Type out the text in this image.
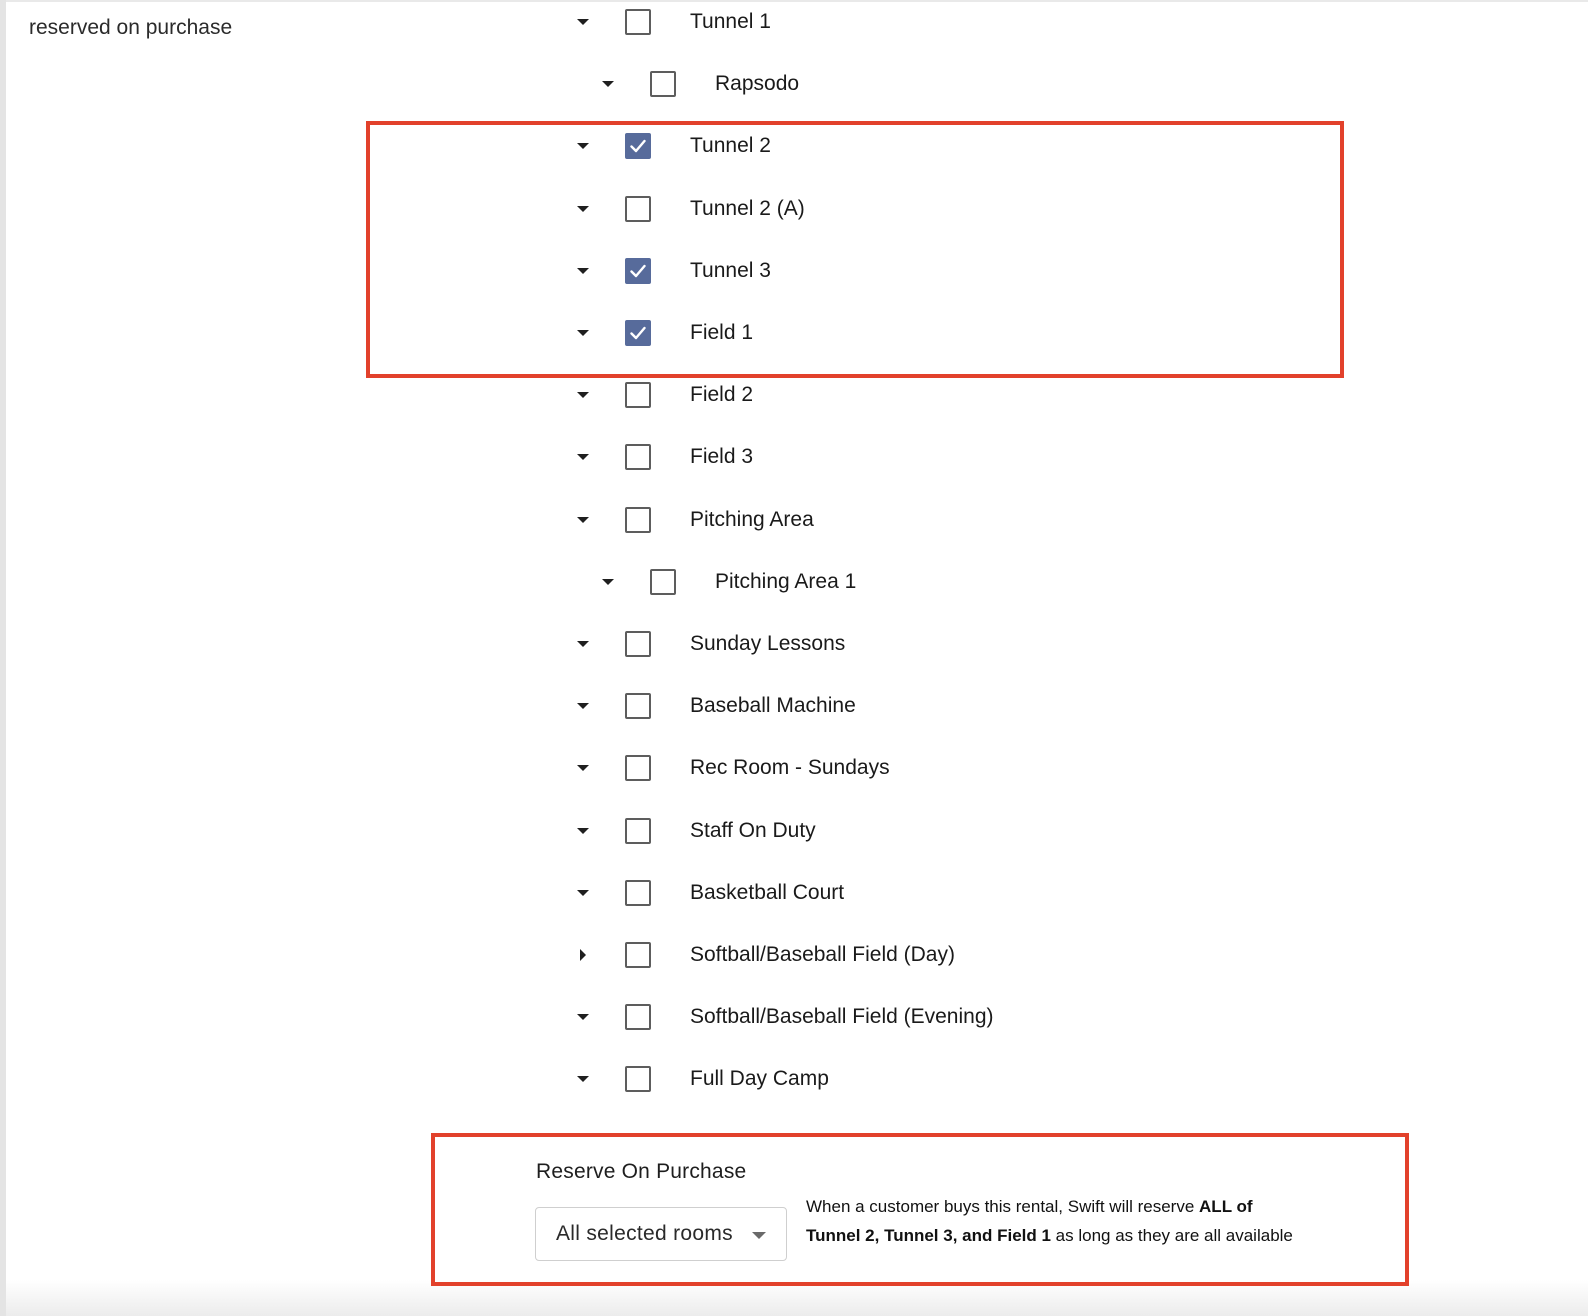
reserved on purchase	Tunnel 1
Rapsodo
Tunnel 2
Tunnel 2 (A)
Tunnel 3
Field 1
Field 2
Field 3
Pitching Area
Pitching Area 1
Sunday Lessons
Baseball Machine
Rec Room - Sundays
Staff On Duty
Basketball Court
Softball/Baseball Field (Day)
Softball/Baseball Field (Evening)
Full Day Camp
Reserve On Purchase
All selected rooms

When a customer buys this rental, Swift will reserve ALL of
Tunnel 2, Tunnel 3, and Field 1 as long as they are all available
